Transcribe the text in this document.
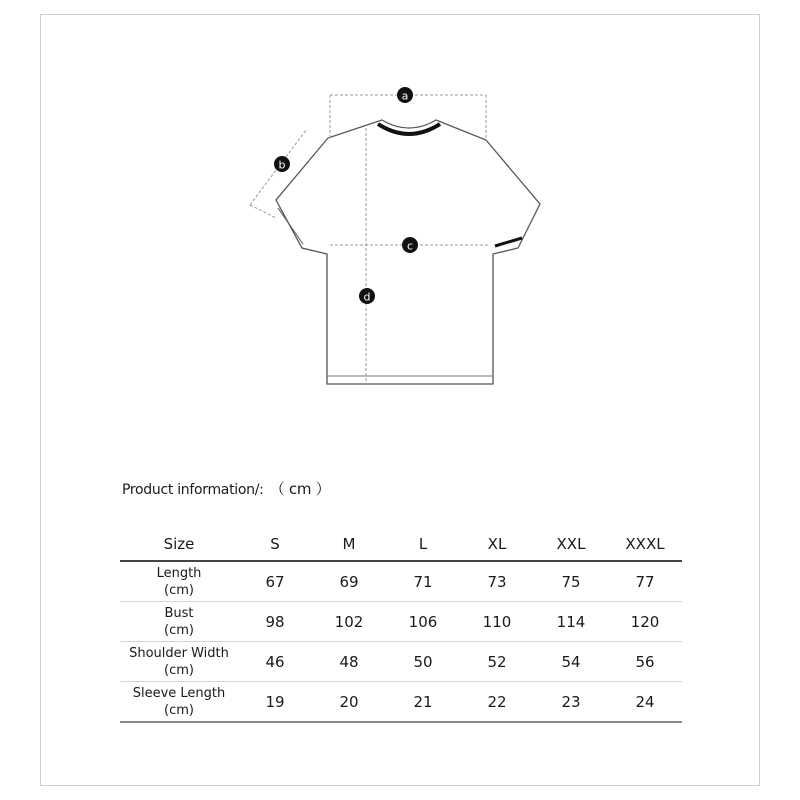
a
b
c
d
Product information/: （ cm ）
Size	S	M	L	XL	XXL	XXXL

Length
(cm)	67	69	71	73	75	77

Bust
(cm)	98	102	106	110	114	120

Shoulder Width
(cm)	46	48	50	52	54	56

Sleeve Length
(cm)	19	20	21	22	23	24
